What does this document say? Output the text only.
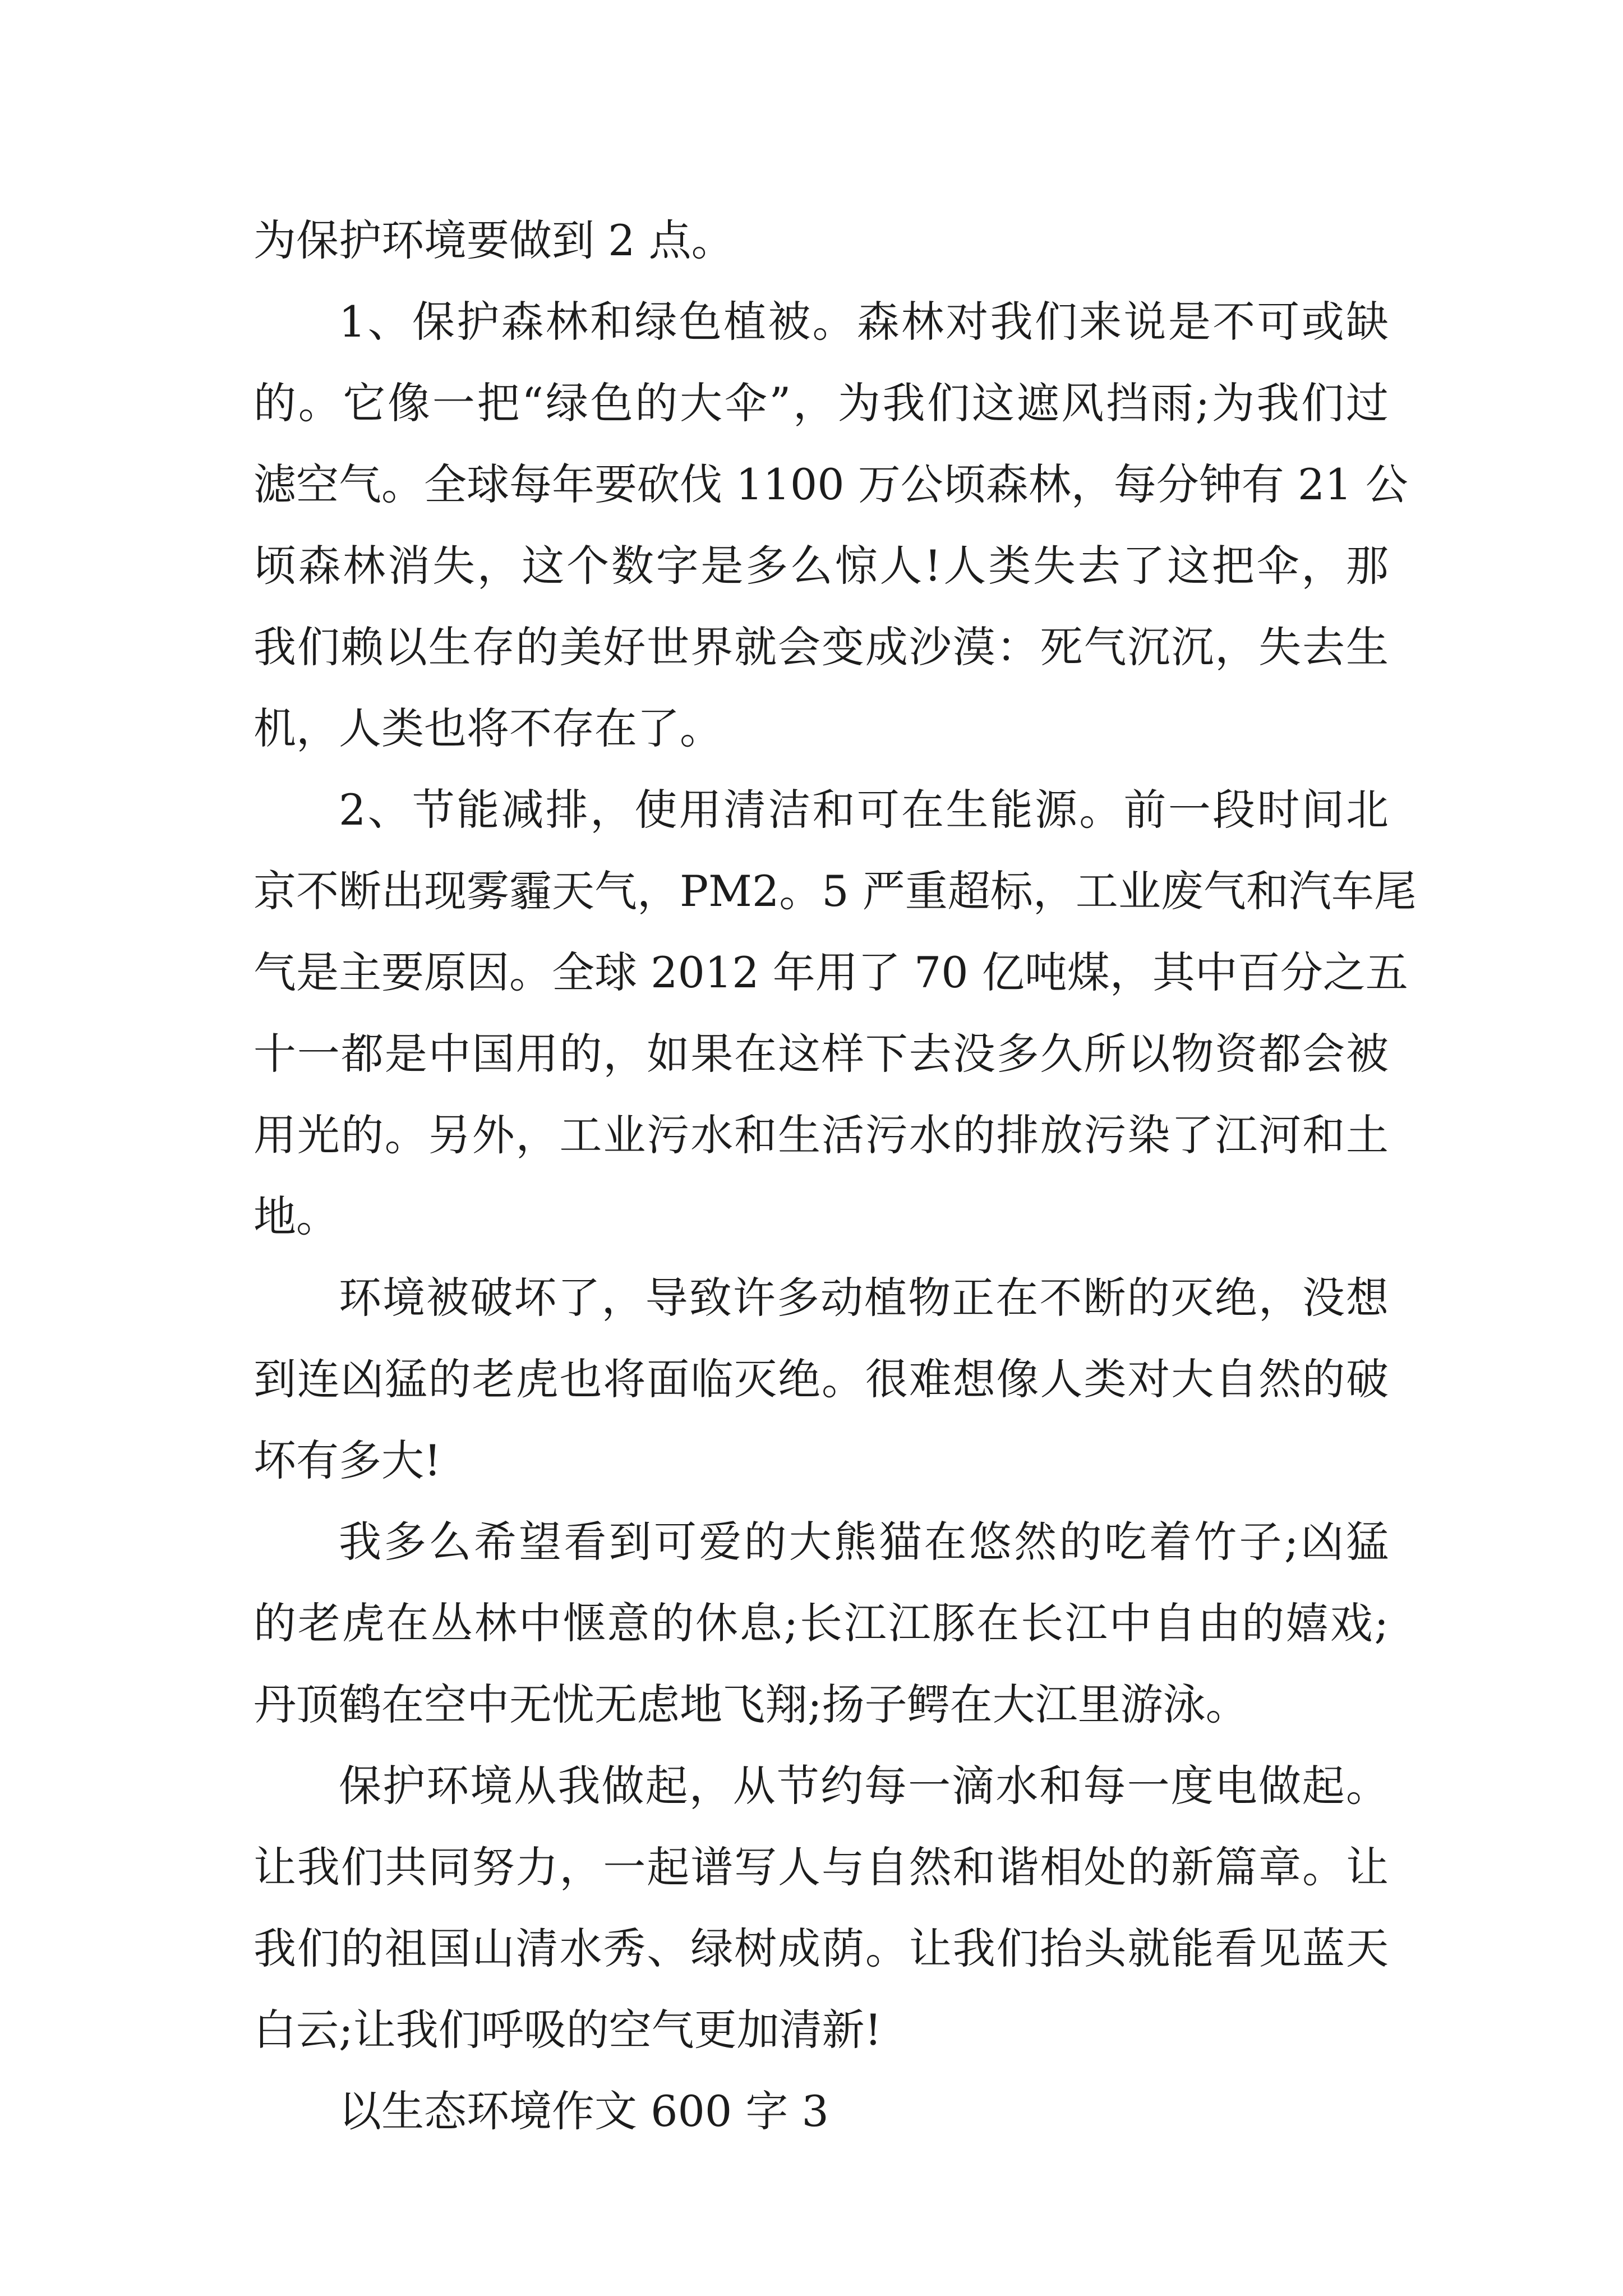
为保护环境要做到 2 点。
1、保护森林和绿色植被。森林对我们来说是不可或缺
的。它像一把“绿色的大伞”，为我们这遮风挡雨;为我们过
滤空气。全球每年要砍伐 1100 万公顷森林，每分钟有 21 公
顷森林消失，这个数字是多么惊人!人类失去了这把伞，那
我们赖以生存的美好世界就会变成沙漠：死气沉沉，失去生
机，人类也将不存在了。
2、节能减排，使用清洁和可在生能源。前一段时间北
京不断出现雾霾天气，PM2。5 严重超标，工业废气和汽车尾
气是主要原因。全球 2012 年用了 70 亿吨煤，其中百分之五
十一都是中国用的，如果在这样下去没多久所以物资都会被
用光的。另外，工业污水和生活污水的排放污染了江河和土
地。
环境被破坏了，导致许多动植物正在不断的灭绝，没想
到连凶猛的老虎也将面临灭绝。很难想像人类对大自然的破
坏有多大!
我多么希望看到可爱的大熊猫在悠然的吃着竹子;凶猛
的老虎在丛林中惬意的休息;长江江豚在长江中自由的嬉戏;
丹顶鹤在空中无忧无虑地飞翔;扬子鳄在大江里游泳。
保护环境从我做起，从节约每一滴水和每一度电做起。
让我们共同努力，一起谱写人与自然和谐相处的新篇章。让
我们的祖国山清水秀、绿树成荫。让我们抬头就能看见蓝天
白云;让我们呼吸的空气更加清新!
以生态环境作文 600 字 3
